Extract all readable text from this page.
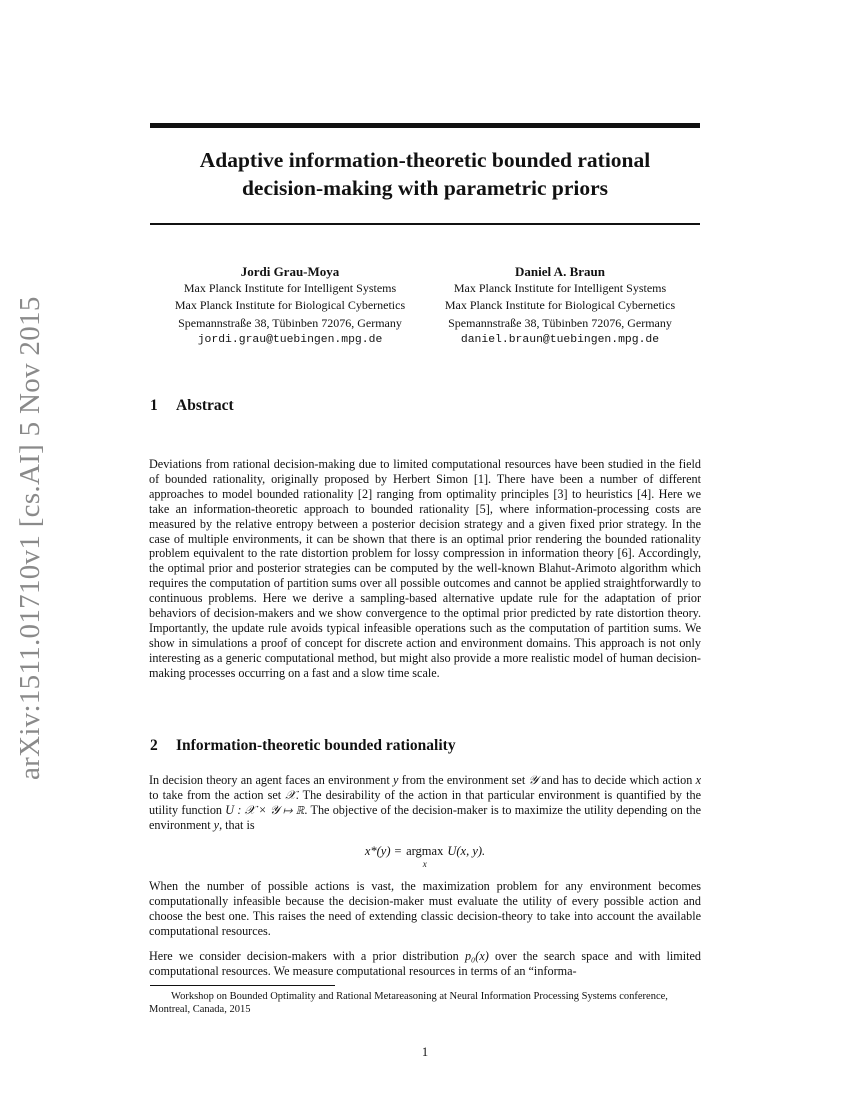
arXiv:1511.01710v1 [cs.AI] 5 Nov 2015
Adaptive information-theoretic bounded rational
decision-making with parametric priors
Jordi Grau-Moya
Max Planck Institute for Intelligent Systems
Max Planck Institute for Biological Cybernetics
Spemannstraße 38, Tübinben 72076, Germany
jordi.grau@tuebingen.mpg.de
Daniel A. Braun
Max Planck Institute for Intelligent Systems
Max Planck Institute for Biological Cybernetics
Spemannstraße 38, Tübinben 72076, Germany
daniel.braun@tuebingen.mpg.de
1 Abstract

Deviations from rational decision-making due to limited computational resources have been studied in the field of bounded rationality, originally proposed by Herbert Simon [1]. There have been a number of different approaches to model bounded rationality [2] ranging from optimality principles [3] to heuristics [4]. Here we take an information-theoretic approach to bounded rationality [5], where information-processing costs are measured by the relative entropy between a posterior decision strategy and a given fixed prior strategy. In the case of multiple environments, it can be shown that there is an optimal prior rendering the bounded rationality problem equivalent to the rate distortion problem for lossy compression in information theory [6]. Accordingly, the optimal prior and posterior strategies can be computed by the well-known Blahut-Arimoto algorithm which requires the computation of partition sums over all possible outcomes and cannot be applied straightforwardly to continuous problems. Here we derive a sampling-based alternative update rule for the adaptation of prior behaviors of decision-makers and we show convergence to the optimal prior predicted by rate distortion theory. Importantly, the update rule avoids typical infeasible operations such as the computation of partition sums. We show in simulations a proof of concept for discrete action and environment domains. This approach is not only interesting as a generic computational method, but might also provide a more realistic model of human decision-making processes occurring on a fast and a slow time scale.

2 Information-theoretic bounded rationality

In decision theory an agent faces an environment y from the environment set 𝒴 and has to decide which action x to take from the action set 𝒳. The desirability of the action in that particular environment is quantified by the utility function U : 𝒳 × 𝒴 ↦ ℝ. The objective of the decision-maker is to maximize the utility depending on the environment y, that is

x*(y) = argmax
x
U(x, y).

When the number of possible actions is vast, the maximization problem for any environment becomes computationally infeasible because the decision-maker must evaluate the utility of every possible action and choose the best one. This raises the need of extending classic decision-theory to take into account the available computational resources.

Here we consider decision-makers with a prior distribution p₀(x) over the search space and with limited computational resources. We measure computational resources in terms of an “informa-

Workshop on Bounded Optimality and Rational Metareasoning at Neural Information Processing Systems conference, Montreal, Canada, 2015

1
